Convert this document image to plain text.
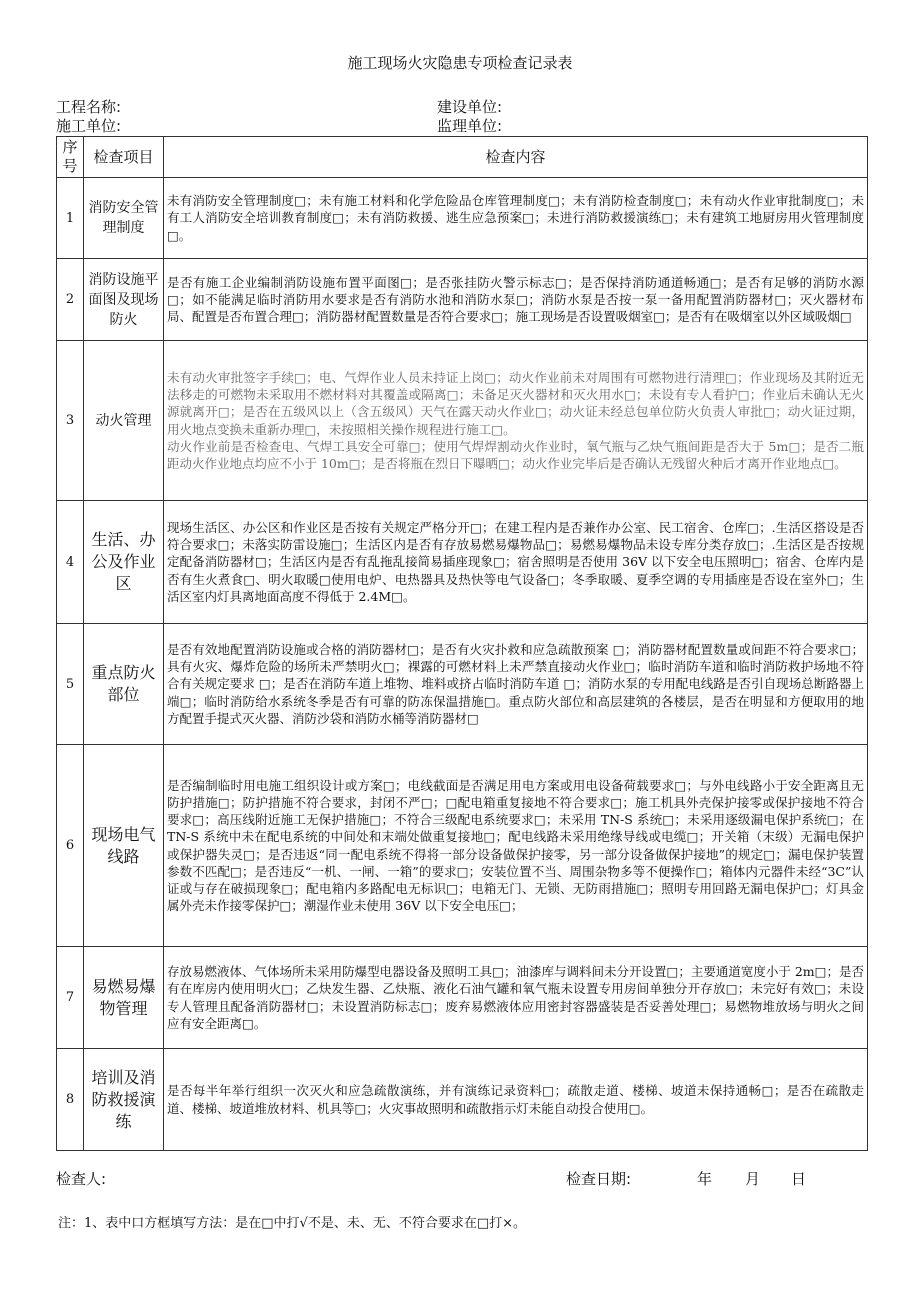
施工现场火灾隐患专项检查记录表
工程名称:	建设单位:
施工单位:	监理单位:
序号	检查项目	检查内容
1	消防安全管理制度	未有消防安全管理制度□；未有施工材料和化学危险品仓库管理制度□；未有消防检查制度□；未有动火作业审批制度□；未有工人消防安全培训教育制度□；未有消防救援、逃生应急预案□；未进行消防救援演练□；未有建筑工地厨房用火管理制度□。
2	消防设施平面图及现场防火	是否有施工企业编制消防设施布置平面图□；是否张挂防火警示标志□；是否保持消防通道畅通□；是否有足够的消防水源□；如不能满足临时消防用水要求是否有消防水池和消防水泵□；消防水泵是否按一泵一备用配置消防器材□；灭火器材布局、配置是否布置合理□；消防器材配置数量是否符合要求□；施工现场是否设置吸烟室□；是否有在吸烟室以外区域吸烟□
3	动火管理	未有动火审批签字手续□；电、气焊作业人员未持证上岗□；动火作业前未对周围有可燃物进行清理□；作业现场及其附近无法移走的可燃物未采取用不燃材料对其覆盖或隔离□；未备足灭火器材和灭火用水□；未设有专人看护□；作业后未确认无火源就离开□；是否在五级风以上（含五级风）天气在露天动火作业□；动火证未经总包单位防火负责人审批□；动火证过期，用火地点变换未重新办理□，未按照相关操作规程进行施工□。
动火作业前是否检查电、气焊工具安全可靠□；使用气焊焊割动火作业时，氧气瓶与乙炔气瓶间距是否大于 5m□；是否二瓶距动火作业地点均应不小于 10m□；是否将瓶在烈日下曝晒□；动火作业完毕后是否确认无残留火种后才离开作业地点□。

4	生活、办公及作业区	现场生活区、办公区和作业区是否按有关规定严格分开□；在建工程内是否兼作办公室、民工宿舍、仓库□；.生活区搭设是否符合要求□；未落实防雷设施□；生活区内是否有存放易燃易爆物品□；易燃易爆物品未设专库分类存放□；.生活区是否按规定配备消防器材□；生活区内是否有乱拖乱接简易插座现象□；宿舍照明是否使用 36V 以下安全电压照明□；宿舍、仓库内是否有生火煮食□、明火取暖□使用电炉、电热器具及热快等电气设备□；冬季取暖、夏季空调的专用插座是否设在室外□；生活区室内灯具离地面高度不得低于 2.4M□。
5	重点防火部位	是否有效地配置消防设施或合格的消防器材□；是否有火灾扑救和应急疏散预案 □；消防器材配置数量或间距不符合要求□；具有火灾、爆炸危险的场所未严禁明火□；裸露的可燃材料上未严禁直接动火作业□；临时消防车道和临时消防救护场地不符合有关规定要求 □；是否在消防车道上堆物、堆料或挤占临时消防车道 □；消防水泵的专用配电线路是否引自现场总断路器上端□；临时消防给水系统冬季是否有可靠的防冻保温措施□。重点防火部位和高层建筑的各楼层，是否在明显和方便取用的地方配置手提式灭火器、消防沙袋和消防水桶等消防器材□
6	现场电气线路	是否编制临时用电施工组织设计或方案□；电线截面是否满足用电方案或用电设备荷载要求□；与外电线路小于安全距离且无防护措施□；防护措施不符合要求，封闭不严□；□配电箱重复接地不符合要求□；施工机具外壳保护接零或保护接地不符合要求□；高压线附近施工无保护措施□；不符合三级配电系统要求□；未采用 TN-S 系统□；未采用逐级漏电保护系统□；在 TN-S 系统中未在配电系统的中间处和末端处做重复接地□；配电线路未采用绝缘导线或电缆□；开关箱（末级）无漏电保护或保护器失灵□；是否违返“同一配电系统不得将一部分设备做保护接零，另一部分设备做保护接地”的规定□；漏电保护装置参数不匹配□；是否违反“一机、一闸、一箱”的要求□；安装位置不当、周围杂物多等不便操作□；箱体内元器件未经“3C”认证或与存在破损现象□；配电箱内多路配电无标识□；电箱无门、无锁、无防雨措施□；照明专用回路无漏电保护□；灯具金属外壳未作接零保护□；潮湿作业未使用 36V 以下安全电压□；
7	易燃易爆物管理	存放易燃液体、气体场所未采用防爆型电器设备及照明工具□；油漆库与调料间未分开设置□；主要通道宽度小于 2m□；是否有在库房内使用明火□；乙炔发生器、乙炔瓶、液化石油气罐和氧气瓶未设置专用房间单独分开存放□；未完好有效□；未设专人管理且配备消防器材□；未设置消防标志□；废弃易燃液体应用密封容器盛装是否妥善处理□；易燃物堆放场与明火之间应有安全距离□。
8	培训及消防救援演练	是否每半年举行组织一次灭火和应急疏散演练，并有演练记录资料□；疏散走道、楼梯、坡道未保持通畅□；是否在疏散走道、楼梯、坡道堆放材料、机具等□；火灾事故照明和疏散指示灯未能自动投合使用□。
检查人:	检查日期:	年 月 日
注：1、表中口方框填写方法：是在□中打√不是、未、无、不符合要求在□打×。
